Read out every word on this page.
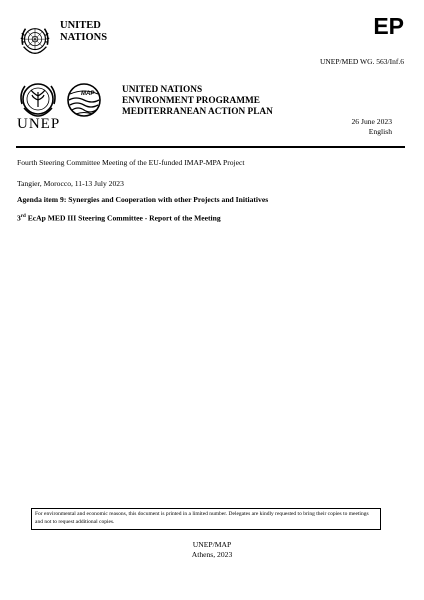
UNITED
NATIONS	EP
UNEP/MED WG. 563/Inf.6
UNEP
MAP	UNITED NATIONS
ENVIRONMENT PROGRAMME
MEDITERRANEAN ACTION PLAN
26 June 2023
English
Fourth Steering Committee Meeting of the EU-funded IMAP-MPA Project
Tangier, Morocco, 11-13 July 2023
Agenda item 9: Synergies and Cooperation with other Projects and Initiatives
3rd EcAp MED III Steering Committee - Report of the Meeting
For environmental and economic reasons, this document is printed in a limited number. Delegates are kindly requested to bring their copies to meetings and not to request additional copies.
UNEP/MAP
Athens, 2023
